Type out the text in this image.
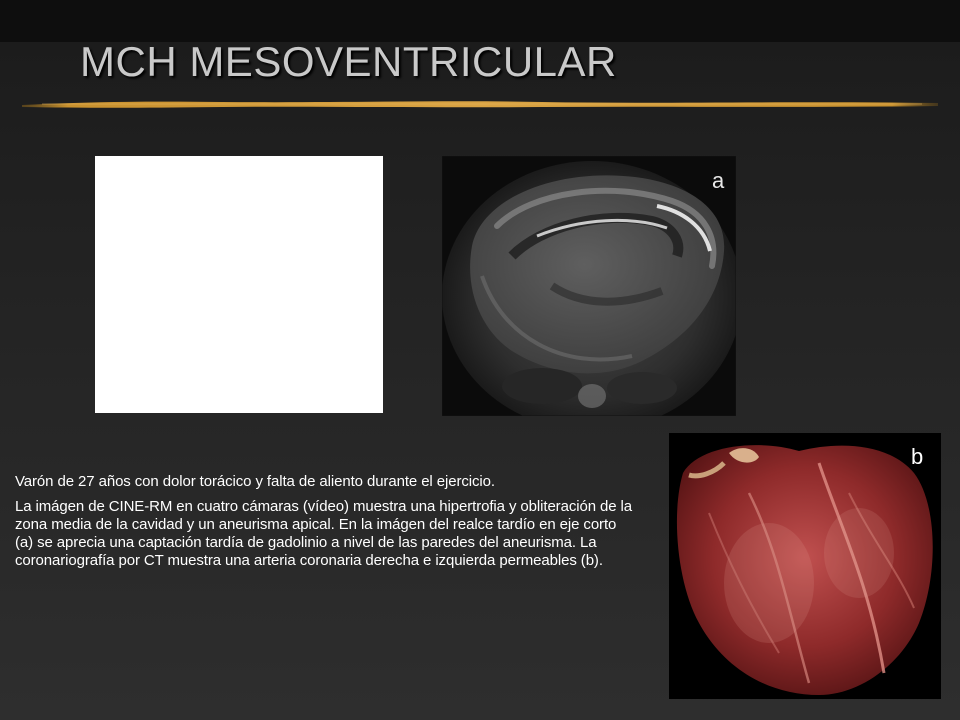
MCH MESOVENTRICULAR
a
b

Varón de 27 años con dolor torácico y falta de aliento durante el ejercicio.

La imágen de CINE-RM en cuatro cámaras (vídeo) muestra una hipertrofia y obliteración de la zona media de la cavidad y un aneurisma apical. En la imágen del realce tardío en eje corto (a) se aprecia una captación tardía de gadolinio a nivel de las paredes del aneurisma. La coronariografía por CT muestra una arteria coronaria derecha e izquierda permeables (b).
